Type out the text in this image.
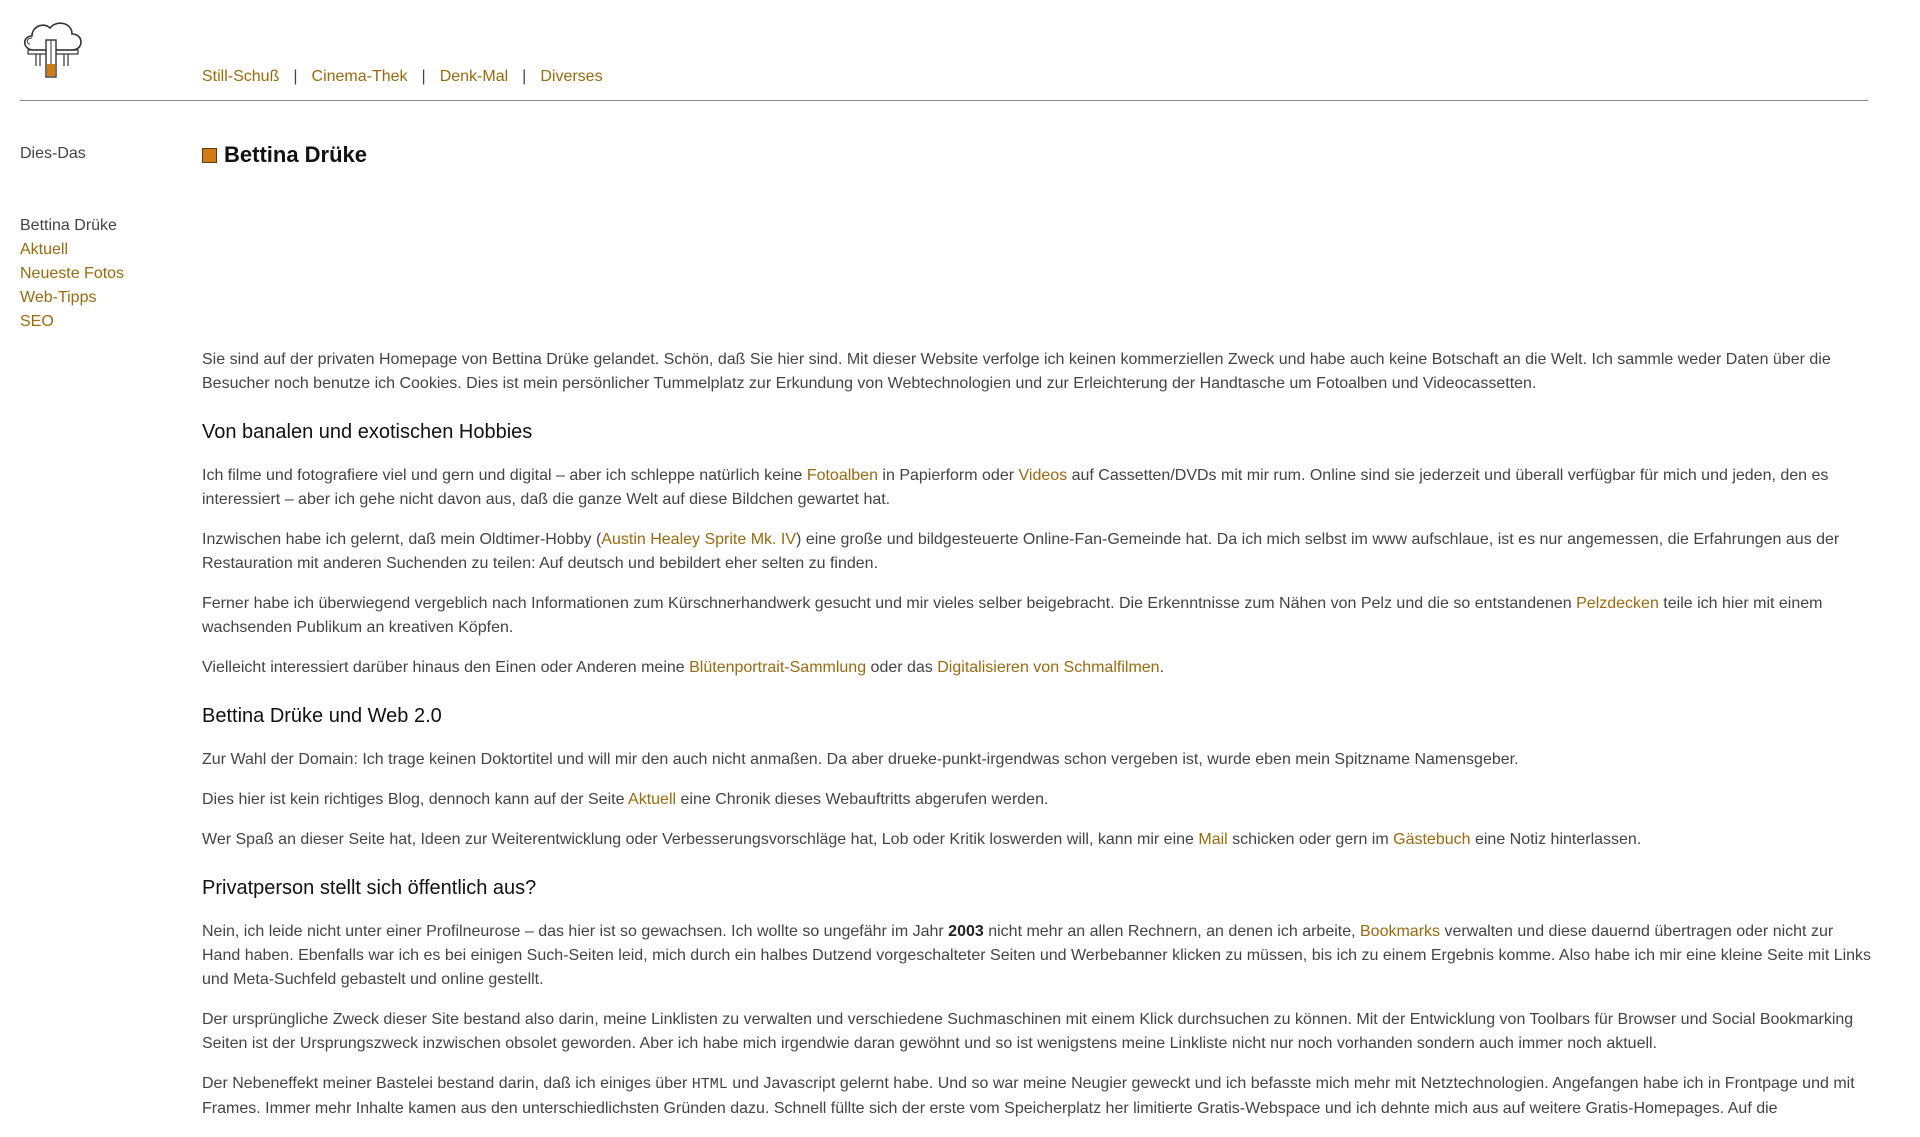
Still-Schuß | Cinema-Thek | Denk-Mal | Diverses
Dies-Das
Bettina Drüke
Aktuell
Neueste Fotos
Web-Tipps
SEO
Bettina Drüke

Sie sind auf der privaten Homepage von Bettina Drüke gelandet. Schön, daß Sie hier sind. Mit dieser Website verfolge ich keinen kommerziellen Zweck und habe auch keine Botschaft an die Welt. Ich sammle weder Daten über die Besucher noch benutze ich Cookies. Dies ist mein persönlicher Tummelplatz zur Erkundung von Webtechnologien und zur Erleichterung der Handtasche um Fotoalben und Videocassetten.

Von banalen und exotischen Hobbies

Ich filme und fotografiere viel und gern und digital – aber ich schleppe natürlich keine Fotoalben in Papierform oder Videos auf Cassetten/DVDs mit mir rum. Online sind sie jederzeit und überall verfügbar für mich und jeden, den es interessiert – aber ich gehe nicht davon aus, daß die ganze Welt auf diese Bildchen gewartet hat.

Inzwischen habe ich gelernt, daß mein Oldtimer-Hobby (Austin Healey Sprite Mk. IV) eine große und bildgesteuerte Online-Fan-Gemeinde hat. Da ich mich selbst im www aufschlaue, ist es nur angemessen, die Erfahrungen aus der Restauration mit anderen Suchenden zu teilen: Auf deutsch und bebildert eher selten zu finden.

Ferner habe ich überwiegend vergeblich nach Informationen zum Kürschnerhandwerk gesucht und mir vieles selber beigebracht. Die Erkenntnisse zum Nähen von Pelz und die so entstandenen Pelzdecken teile ich hier mit einem wachsenden Publikum an kreativen Köpfen.

Vielleicht interessiert darüber hinaus den Einen oder Anderen meine Blütenportrait-Sammlung oder das Digitalisieren von Schmalfilmen.

Bettina Drüke und Web 2.0

Zur Wahl der Domain: Ich trage keinen Doktortitel und will mir den auch nicht anmaßen. Da aber drueke-punkt-irgendwas schon vergeben ist, wurde eben mein Spitzname Namensgeber.

Dies hier ist kein richtiges Blog, dennoch kann auf der Seite Aktuell eine Chronik dieses Webauftritts abgerufen werden.

Wer Spaß an dieser Seite hat, Ideen zur Weiterentwicklung oder Verbesserungsvorschläge hat, Lob oder Kritik loswerden will, kann mir eine Mail schicken oder gern im Gästebuch eine Notiz hinterlassen.

Privatperson stellt sich öffentlich aus?

Nein, ich leide nicht unter einer Profilneurose – das hier ist so gewachsen. Ich wollte so ungefähr im Jahr 2003 nicht mehr an allen Rechnern, an denen ich arbeite, Bookmarks verwalten und diese dauernd übertragen oder nicht zur Hand haben. Ebenfalls war ich es bei einigen Such-Seiten leid, mich durch ein halbes Dutzend vorgeschalteter Seiten und Werbebanner klicken zu müssen, bis ich zu einem Ergebnis komme. Also habe ich mir eine kleine Seite mit Links und Meta-Suchfeld gebastelt und online gestellt.

Der ursprüngliche Zweck dieser Site bestand also darin, meine Linklisten zu verwalten und verschiedene Suchmaschinen mit einem Klick durchsuchen zu können. Mit der Entwicklung von Toolbars für Browser und Social Bookmarking Seiten ist der Ursprungszweck inzwischen obsolet geworden. Aber ich habe mich irgendwie daran gewöhnt und so ist wenigstens meine Linkliste nicht nur noch vorhanden sondern auch immer noch aktuell.

Der Nebeneffekt meiner Bastelei bestand darin, daß ich einiges über HTML und Javascript gelernt habe. Und so war meine Neugier geweckt und ich befasste mich mehr mit Netztechnologien. Angefangen habe ich in Frontpage und mit Frames. Immer mehr Inhalte kamen aus den unterschiedlichsten Gründen dazu. Schnell füllte sich der erste vom Speicherplatz her limitierte Gratis-Webspace und ich dehnte mich aus auf weitere Gratis-Homepages. Auf die
